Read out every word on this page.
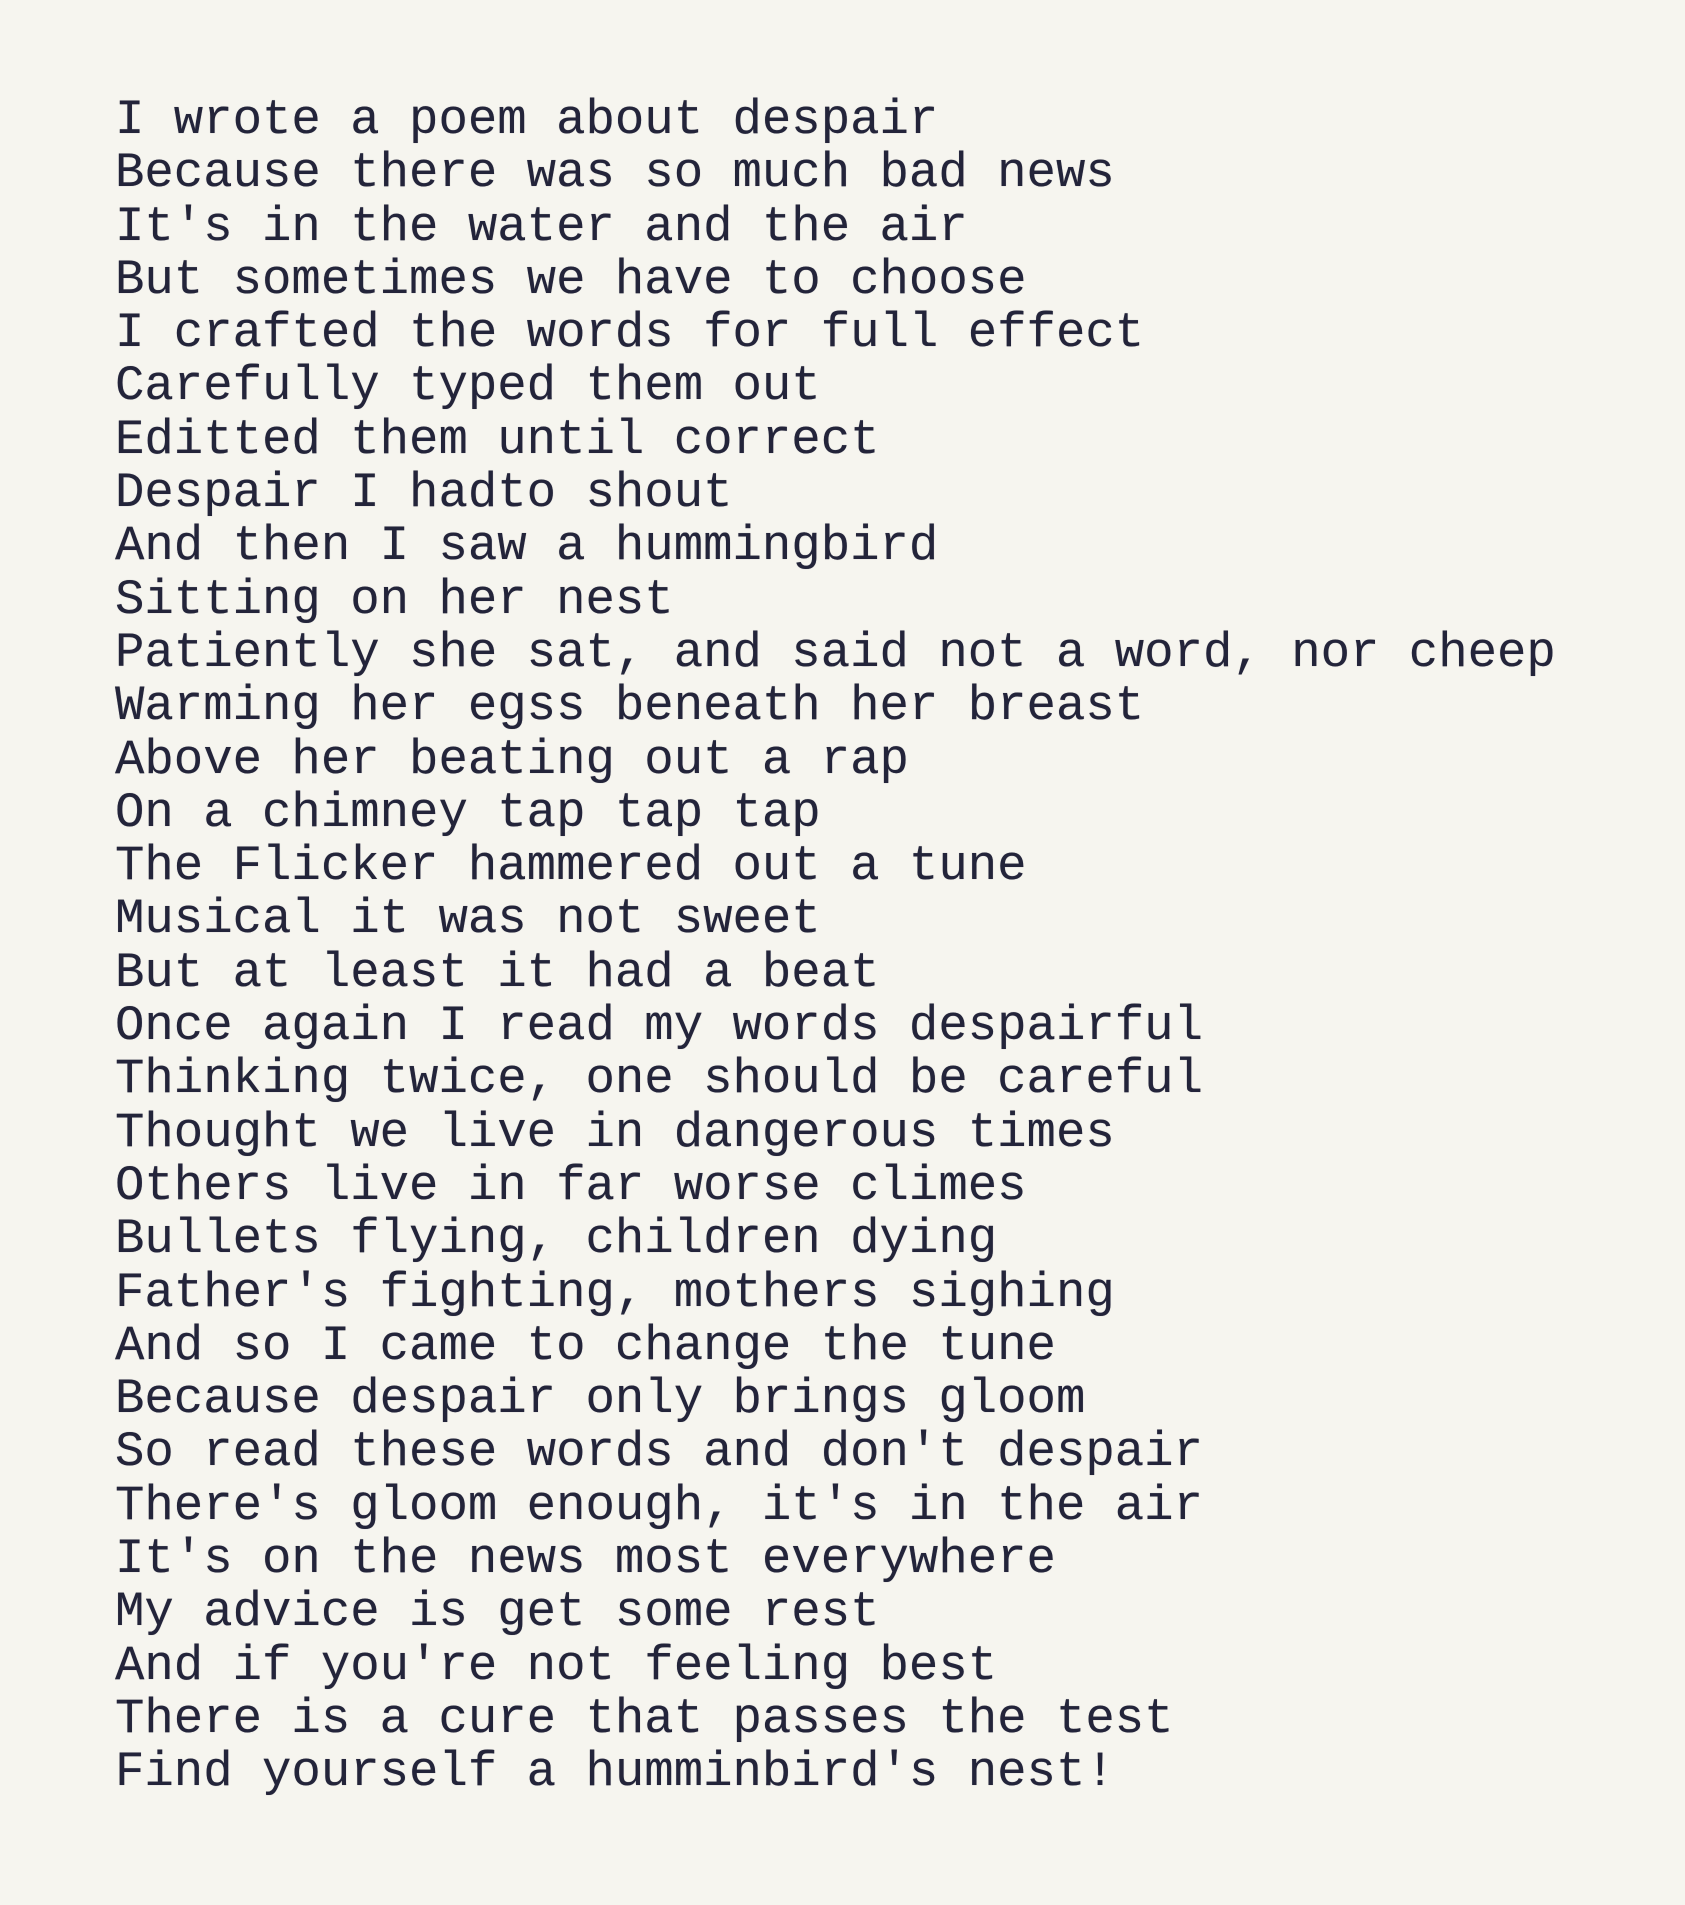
I wrote a poem about despair
Because there was so much bad news
It's in the water and the air
But sometimes we have to choose
I crafted the words for full effect
Carefully typed them out
Editted them until correct
Despair I hadto shout
And then I saw a hummingbird
Sitting on her nest
Patiently she sat, and said not a word, nor cheep
Warming her egss beneath her breast
Above her beating out a rap
On a chimney tap tap tap
The Flicker hammered out a tune
Musical it was not sweet
But at least it had a beat
Once again I read my words despairful
Thinking twice, one should be careful
Thought we live in dangerous times
Others live in far worse climes
Bullets flying, children dying
Father's fighting, mothers sighing
And so I came to change the tune
Because despair only brings gloom
So read these words and don't despair
There's gloom enough, it's in the air
It's on the news most everywhere
My advice is get some rest
And if you're not feeling best
There is a cure that passes the test
Find yourself a humminbird's nest!
